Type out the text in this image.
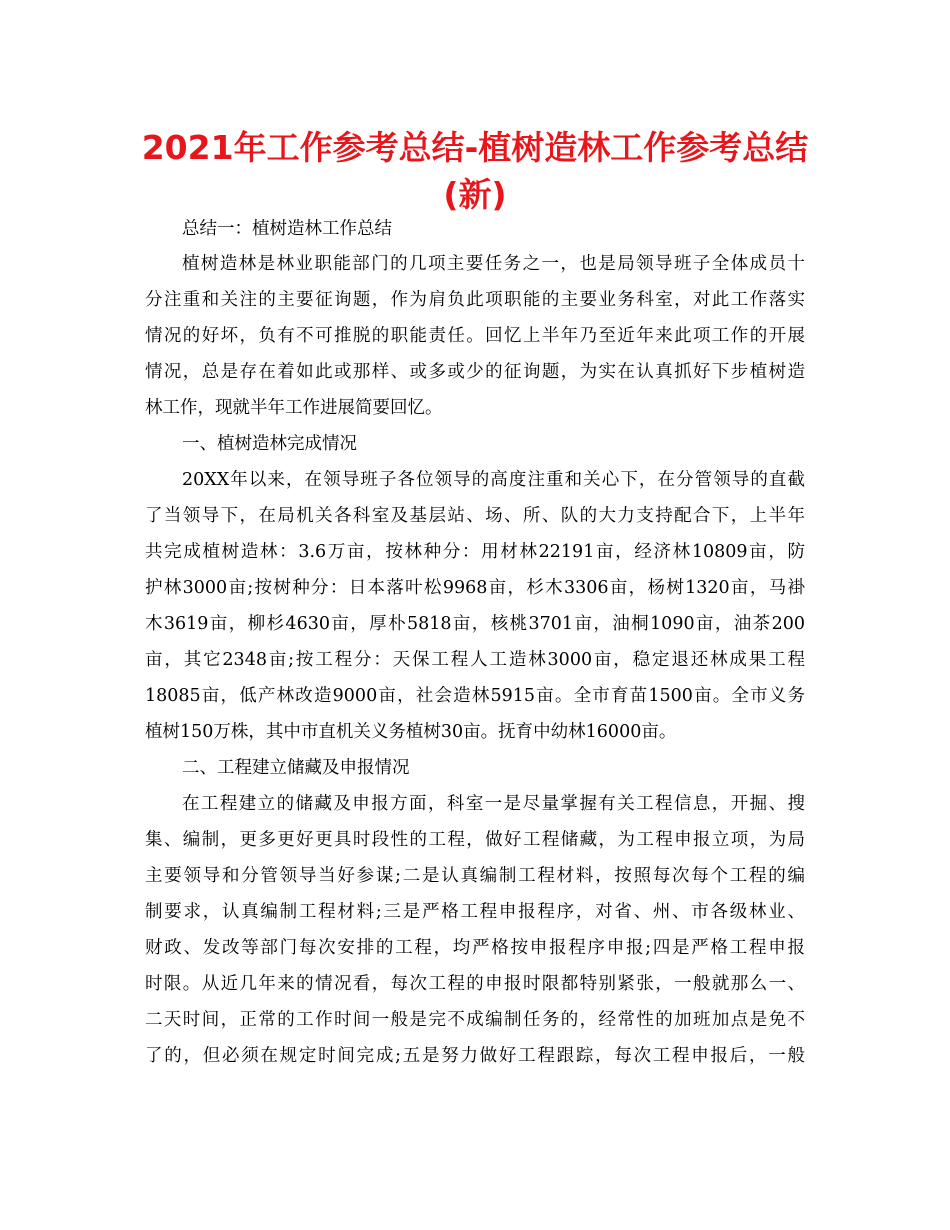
2021年工作参考总结-植树造林工作参考总结
(新)
总结一：植树造林工作总结
植树造林是林业职能部门的几项主要任务之一，也是局领导班子全体成员十
分注重和关注的主要征询题，作为肩负此项职能的主要业务科室，对此工作落实
情况的好坏，负有不可推脱的职能责任。回忆上半年乃至近年来此项工作的开展
情况，总是存在着如此或那样、或多或少的征询题，为实在认真抓好下步植树造
林工作，现就半年工作进展简要回忆。
一、植树造林完成情况
20XX年以来，在领导班子各位领导的高度注重和关心下，在分管领导的直截
了当领导下，在局机关各科室及基层站、场、所、队的大力支持配合下，上半年
共完成植树造林：3.6万亩，按林种分：用材林22191亩，经济林10809亩，防
护林3000亩;按树种分：日本落叶松9968亩，杉木3306亩，杨树1320亩，马褂
木3619亩，柳杉4630亩，厚朴5818亩，核桃3701亩，油桐1090亩，油茶200
亩，其它2348亩;按工程分：天保工程人工造林3000亩，稳定退还林成果工程
18085亩，低产林改造9000亩，社会造林5915亩。全市育苗1500亩。全市义务
植树150万株，其中市直机关义务植树30亩。抚育中幼林16000亩。
二、工程建立储藏及申报情况
在工程建立的储藏及申报方面，科室一是尽量掌握有关工程信息，开掘、搜
集、编制，更多更好更具时段性的工程，做好工程储藏，为工程申报立项，为局
主要领导和分管领导当好参谋;二是认真编制工程材料，按照每次每个工程的编
制要求，认真编制工程材料;三是严格工程申报程序，对省、州、市各级林业、
财政、发改等部门每次安排的工程，均严格按申报程序申报;四是严格工程申报
时限。从近几年来的情况看，每次工程的申报时限都特别紧张，一般就那么一、
二天时间，正常的工作时间一般是完不成编制任务的，经常性的加班加点是免不
了的，但必须在规定时间完成;五是努力做好工程跟踪，每次工程申报后，一般
